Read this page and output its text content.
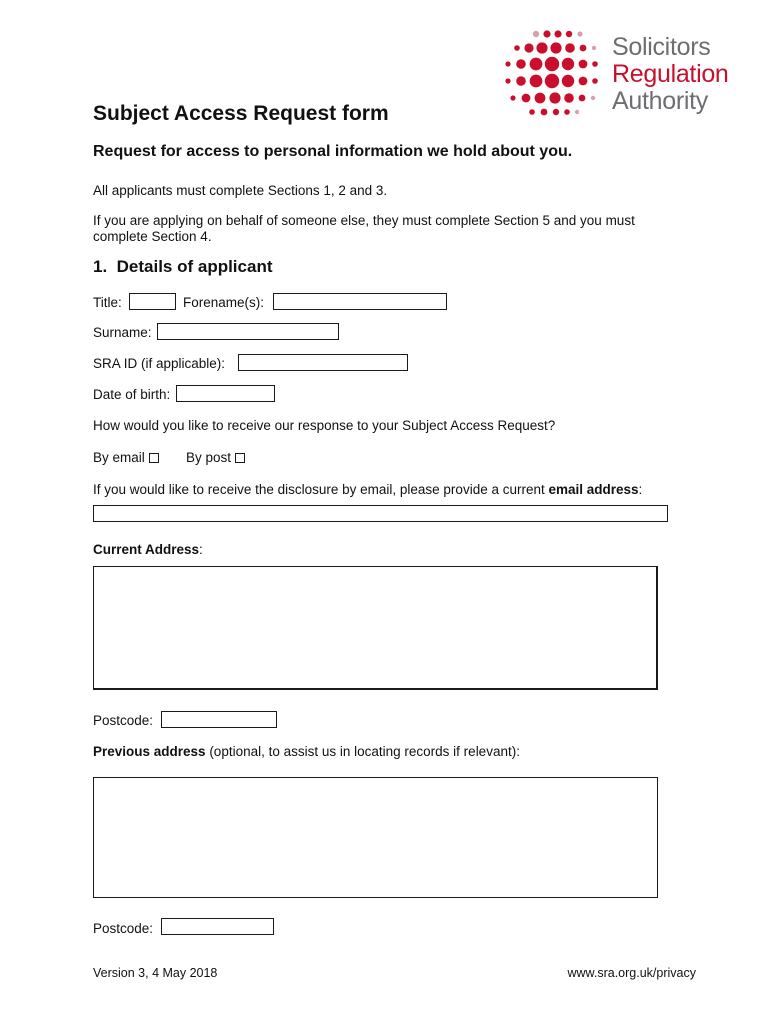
Solicitors
Regulation
Authority
Subject Access Request form
Request for access to personal information we hold about you.
All applicants must complete Sections 1, 2 and 3.
If you are applying on behalf of someone else, they must complete Section 5 and you must
complete Section 4.
1.  Details of applicant
Title:	Forename(s):
Surname:
SRA ID (if applicable):
Date of birth:
How would you like to receive our response to your Subject Access Request?
By email	By post
If you would like to receive the disclosure by email, please provide a current email address:
Current Address:
Postcode:
Previous address (optional, to assist us in locating records if relevant):
Postcode:
Version 3, 4 May 2018	www.sra.org.uk/privacy
